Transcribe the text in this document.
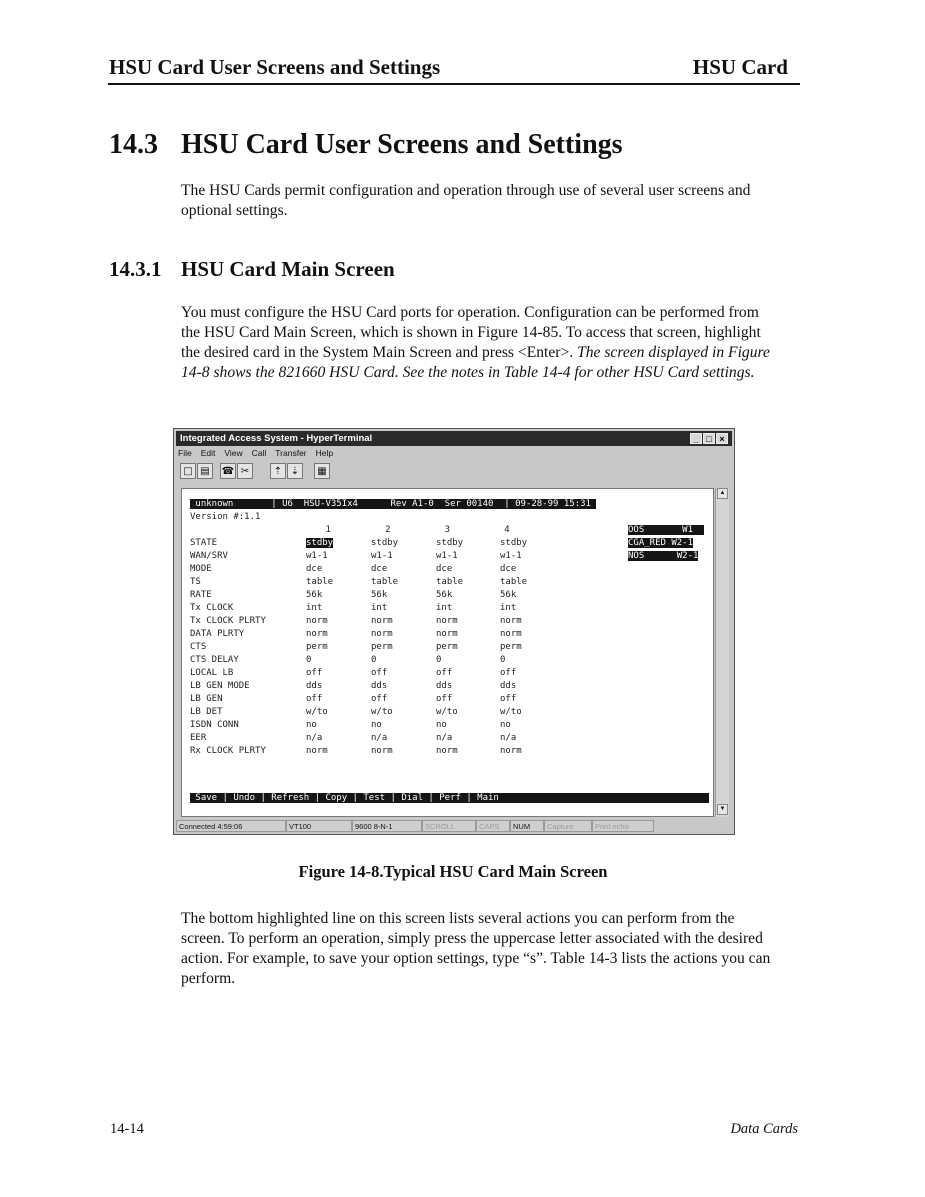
HSU Card User Screens and Settings	HSU Card
14.3 HSU Card User Screens and Settings
The HSU Cards permit configuration and operation through use of several user screens and
optional settings.
14.3.1 HSU Card Main Screen
You must configure the HSU Card ports for operation. Configuration can be performed from
the HSU Card Main Screen, which is shown in Figure 14-85. To access that screen, highlight
the desired card in the System Main Screen and press <Enter>. The screen displayed in Figure
14-8 shows the 821660 HSU Card. See the notes in Table 14-4 for other HSU Card settings.
Integrated Access System - HyperTerminal	_ □ ×
File Edit View Call Transfer Help
□ ▤	☎ ✂	⇡ ⇣	▦
unknown       | U6  HSU-V35Ix4      Rev A1-0  Ser 00140  | 09-28-99 15:31
Version #:1.1
1          2          3          4
STATE	stdby	stdby	stdby	stdby
OOS       W1
CGA_RED W2-1
NOS      W2-1
Save | Undo | Refresh | Copy | Test | Dial | Perf | Main
WAN/SRV	w1-1	w1-1	w1-1	w1-1
MODE	dce	dce	dce	dce
TS	table	table	table	table
RATE	56k	56k	56k	56k
Tx CLOCK	int	int	int	int
Tx CLOCK PLRTY	norm	norm	norm	norm
DATA PLRTY	norm	norm	norm	norm
CTS	perm	perm	perm	perm
CTS DELAY	0	0	0	0
LOCAL LB	off	off	off	off
LB GEN MODE	dds	dds	dds	dds
LB GEN	off	off	off	off
LB DET	w/to	w/to	w/to	w/to
ISDN CONN	no	no	no	no
EER	n/a	n/a	n/a	n/a
Rx CLOCK PLRTY	norm	norm	norm	norm
▲
▼
Connected 4:59:06	VT100	9600 8-N-1	SCROLL	CAPS	NUM	Capture	Print echo
Figure 14-8.Typical HSU Card Main Screen
The bottom highlighted line on this screen lists several actions you can perform from the
screen. To perform an operation, simply press the uppercase letter associated with the desired
action. For example, to save your option settings, type “s”. Table 14-3 lists the actions you can
perform.
14-14	Data Cards
